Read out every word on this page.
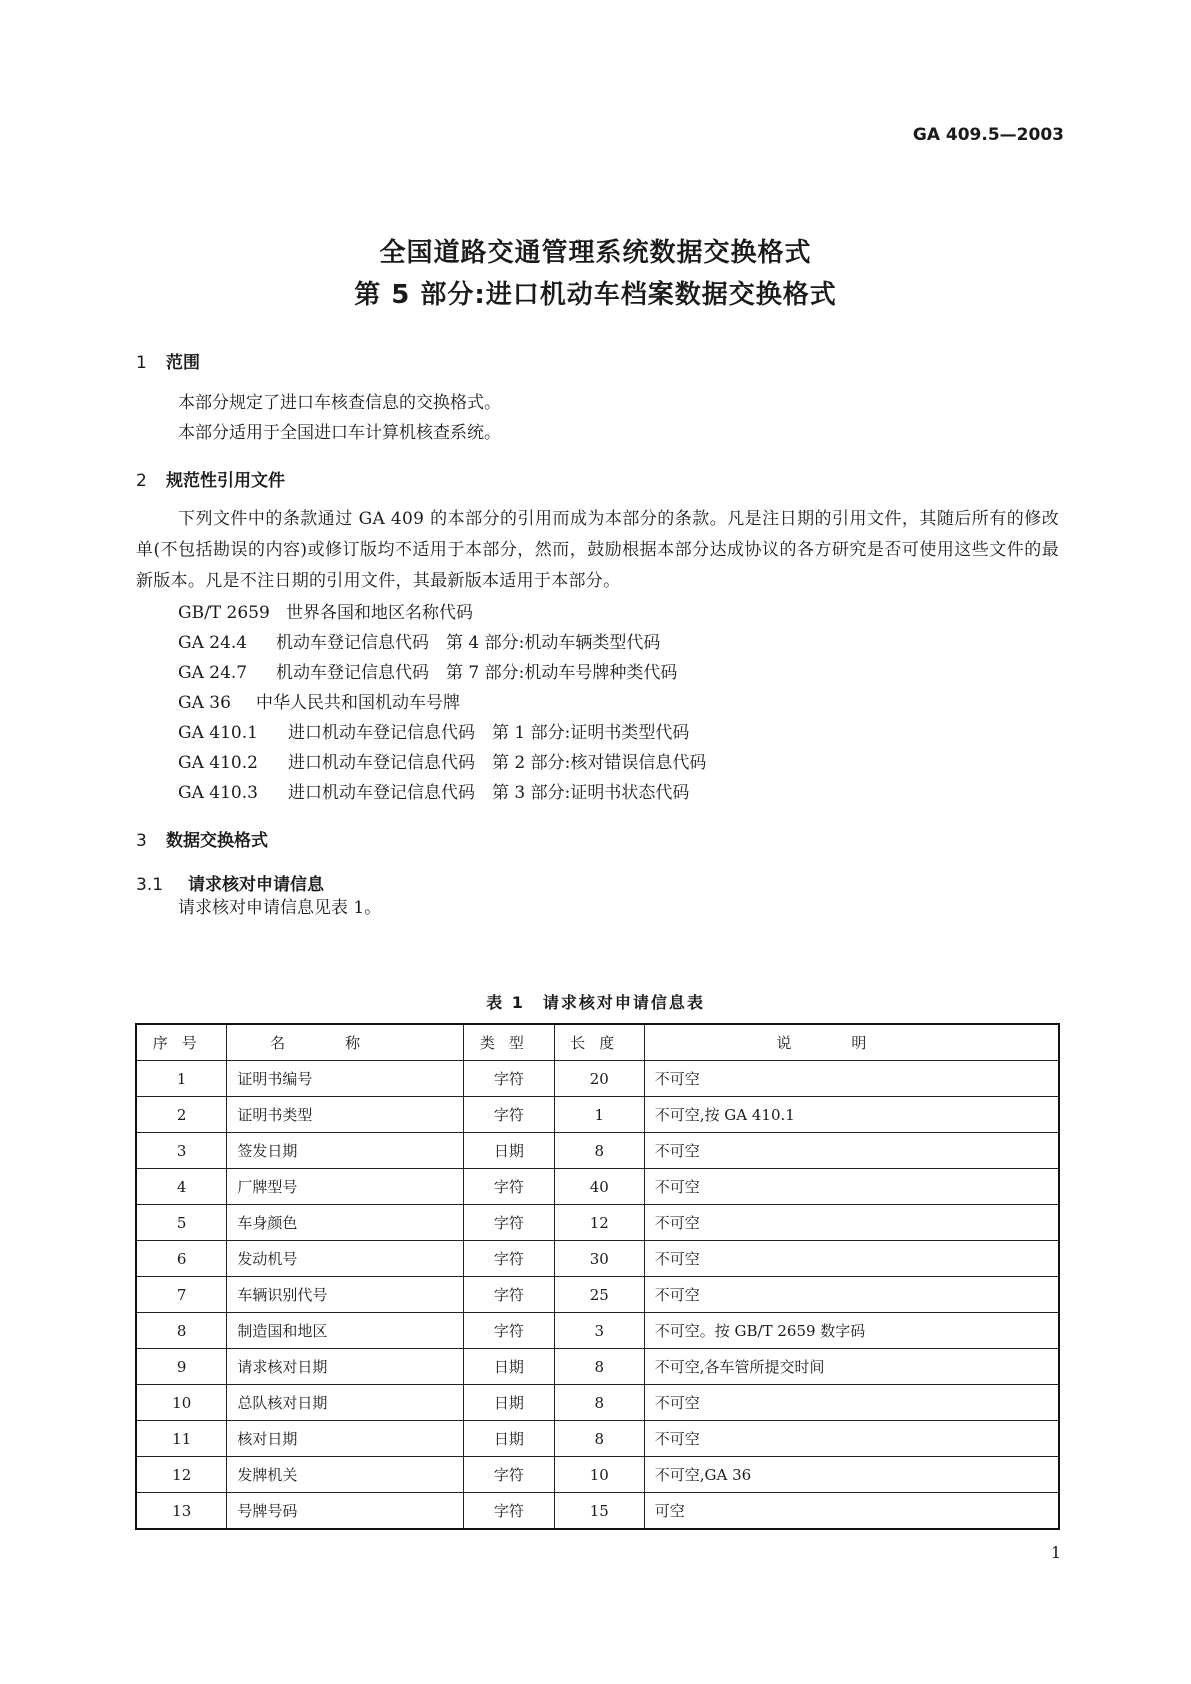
GA 409.5—2003
全国道路交通管理系统数据交换格式
第 5 部分:进口机动车档案数据交换格式
1 范围
本部分规定了进口车核查信息的交换格式。
本部分适用于全国进口车计算机核查系统。
2 规范性引用文件
下列文件中的条款通过 GA 409 的本部分的引用而成为本部分的条款。凡是注日期的引用文件，其随后所有的修改单(不包括勘误的内容)或修订版均不适用于本部分，然而，鼓励根据本部分达成协议的各方研究是否可使用这些文件的最新版本。凡是不注日期的引用文件，其最新版本适用于本部分。
GB/T 2659 世界各国和地区名称代码
GA 24.4 机动车登记信息代码　第 4 部分:机动车辆类型代码
GA 24.7 机动车登记信息代码　第 7 部分:机动车号牌种类代码
GA 36 中华人民共和国机动车号牌
GA 410.1 进口机动车登记信息代码　第 1 部分:证明书类型代码
GA 410.2 进口机动车登记信息代码　第 2 部分:核对错误信息代码
GA 410.3 进口机动车登记信息代码　第 3 部分:证明书状态代码
3 数据交换格式
3.1 请求核对申请信息
请求核对申请信息见表 1。
表 1　请求核对申请信息表
序号	名称	类型	长度	说明
1	证明书编号	字符	20	不可空
2	证明书类型	字符	1	不可空,按 GA 410.1
3	签发日期	日期	8	不可空
4	厂牌型号	字符	40	不可空
5	车身颜色	字符	12	不可空
6	发动机号	字符	30	不可空
7	车辆识别代号	字符	25	不可空
8	制造国和地区	字符	3	不可空。按 GB/T 2659 数字码
9	请求核对日期	日期	8	不可空,各车管所提交时间
10	总队核对日期	日期	8	不可空
11	核对日期	日期	8	不可空
12	发牌机关	字符	10	不可空,GA 36
13	号牌号码	字符	15	可空
1
